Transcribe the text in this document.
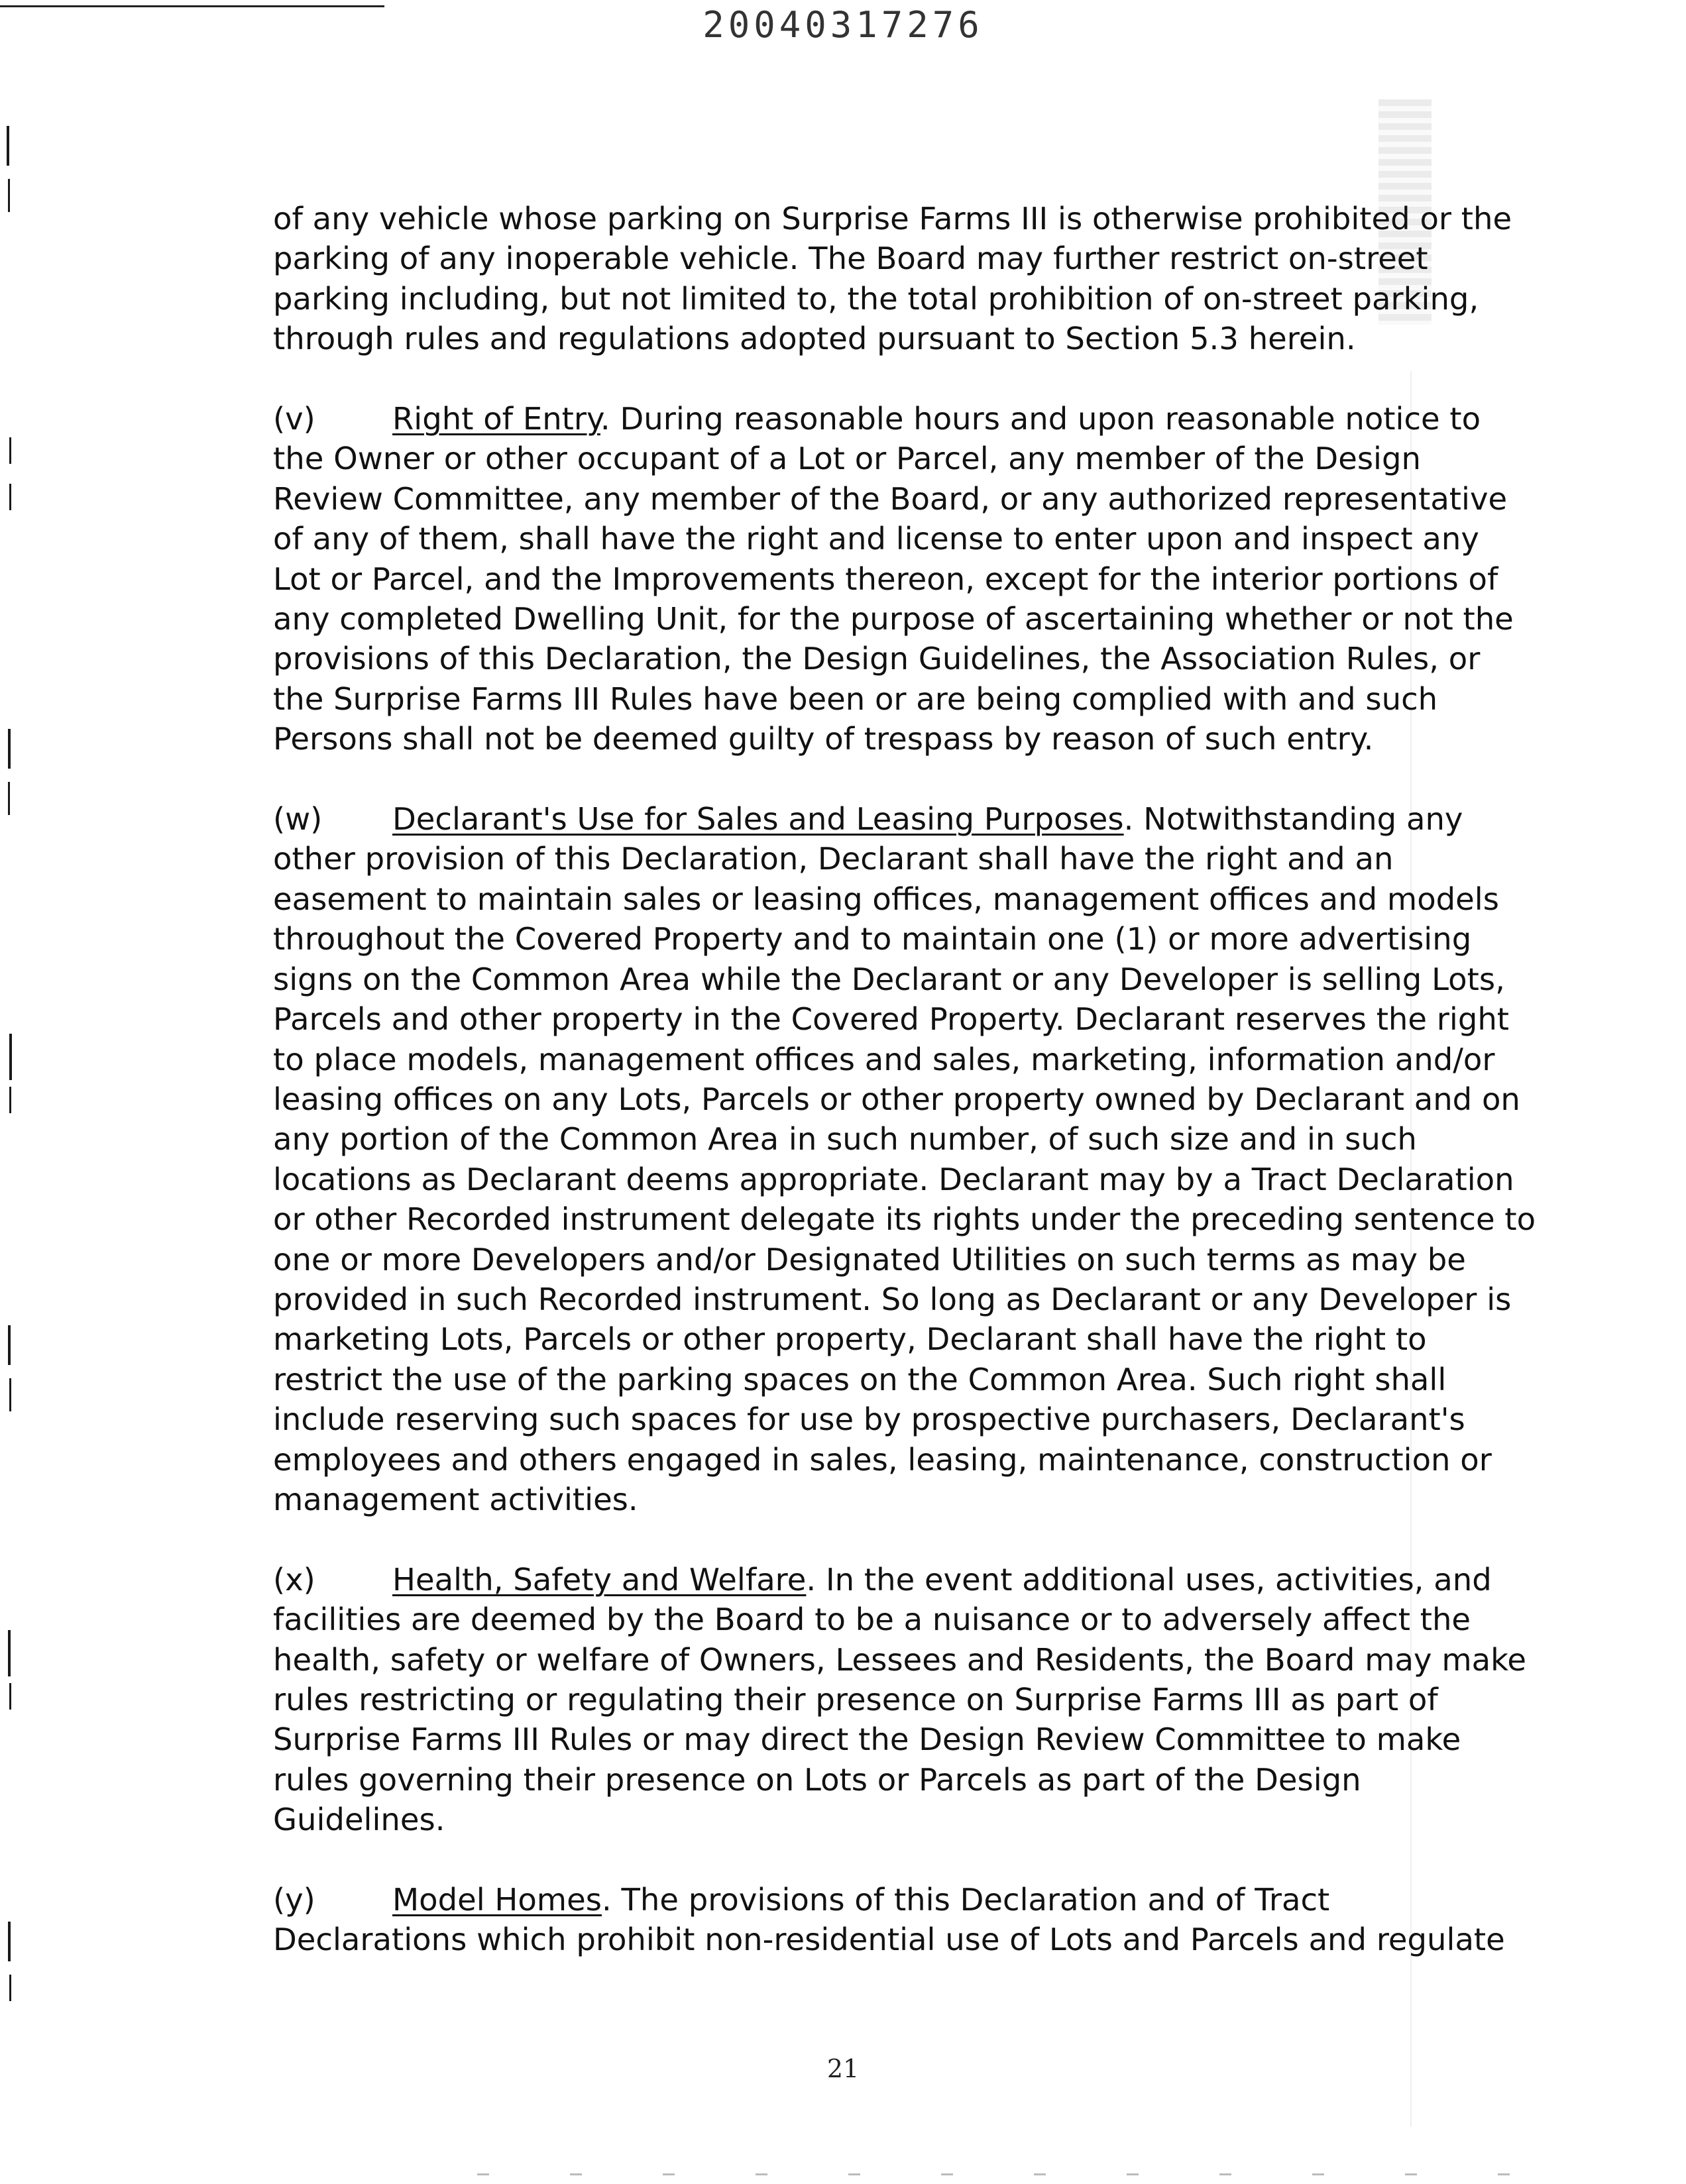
20040317276
of any vehicle whose parking on Surprise Farms III is otherwise prohibited or the
parking of any inoperable vehicle. The Board may further restrict on-street
parking including, but not limited to, the total prohibition of on-street parking,
through rules and regulations adopted pursuant to Section 5.3 herein.
(v) Right of Entry. During reasonable hours and upon reasonable notice to
the Owner or other occupant of a Lot or Parcel, any member of the Design
Review Committee, any member of the Board, or any authorized representative
of any of them, shall have the right and license to enter upon and inspect any
Lot or Parcel, and the Improvements thereon, except for the interior portions of
any completed Dwelling Unit, for the purpose of ascertaining whether or not the
provisions of this Declaration, the Design Guidelines, the Association Rules, or
the Surprise Farms III Rules have been or are being complied with and such
Persons shall not be deemed guilty of trespass by reason of such entry.
(w) Declarant's Use for Sales and Leasing Purposes. Notwithstanding any
other provision of this Declaration, Declarant shall have the right and an
easement to maintain sales or leasing offices, management offices and models
throughout the Covered Property and to maintain one (1) or more advertising
signs on the Common Area while the Declarant or any Developer is selling Lots,
Parcels and other property in the Covered Property. Declarant reserves the right
to place models, management offices and sales, marketing, information and/or
leasing offices on any Lots, Parcels or other property owned by Declarant and on
any portion of the Common Area in such number, of such size and in such
locations as Declarant deems appropriate. Declarant may by a Tract Declaration
or other Recorded instrument delegate its rights under the preceding sentence to
one or more Developers and/or Designated Utilities on such terms as may be
provided in such Recorded instrument. So long as Declarant or any Developer is
marketing Lots, Parcels or other property, Declarant shall have the right to
restrict the use of the parking spaces on the Common Area. Such right shall
include reserving such spaces for use by prospective purchasers, Declarant's
employees and others engaged in sales, leasing, maintenance, construction or
management activities.
(x) Health, Safety and Welfare. In the event additional uses, activities, and
facilities are deemed by the Board to be a nuisance or to adversely affect the
health, safety or welfare of Owners, Lessees and Residents, the Board may make
rules restricting or regulating their presence on Surprise Farms III as part of
Surprise Farms III Rules or may direct the Design Review Committee to make
rules governing their presence on Lots or Parcels as part of the Design
Guidelines.
(y) Model Homes. The provisions of this Declaration and of Tract
Declarations which prohibit non-residential use of Lots and Parcels and regulate
21
